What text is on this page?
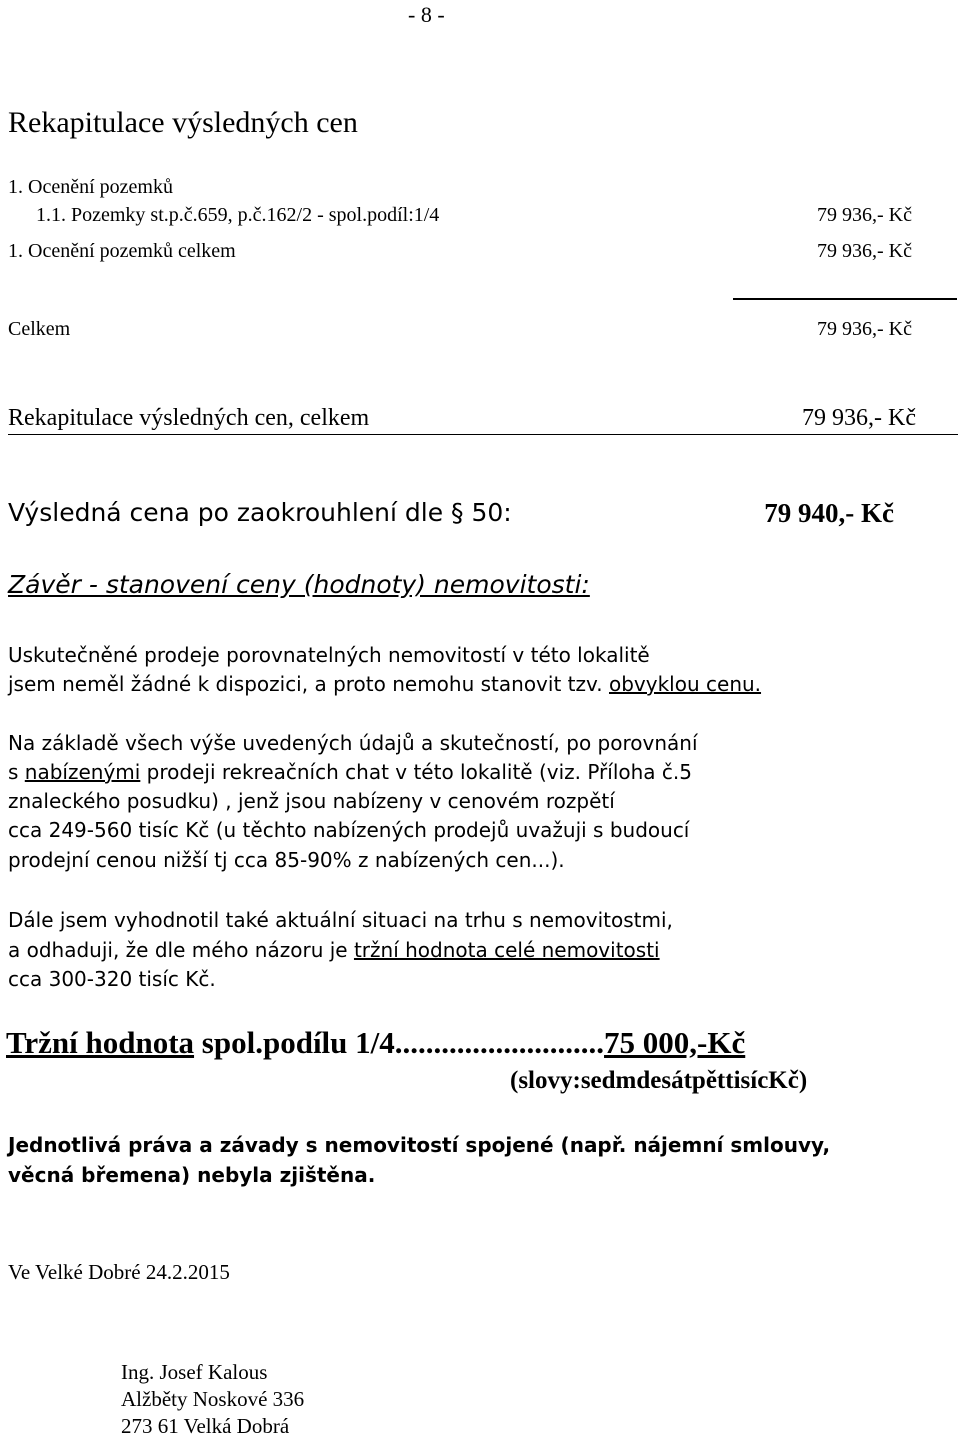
- 8 -
Rekapitulace výsledných cen
1. Ocenění pozemků
1.1. Pozemky st.p.č.659, p.č.162/2 - spol.podíl:1/4	79 936,- Kč
1. Ocenění pozemků celkem	79 936,- Kč
Celkem	79 936,- Kč
Rekapitulace výsledných cen, celkem	79 936,- Kč
Výsledná cena po zaokrouhlení dle § 50:	79 940,- Kč
Závěr - stanovení ceny (hodnoty) nemovitosti:
Uskutečněné prodeje porovnatelných nemovitostí v této lokalitě
jsem neměl žádné k dispozici, a proto nemohu stanovit tzv. obvyklou cenu.
Na základě všech výše uvedených údajů a skutečností, po porovnání
s nabízenými prodeji rekreačních chat v této lokalitě (viz. Příloha č.5
znaleckého posudku) , jenž jsou nabízeny v cenovém rozpětí
cca 249-560 tisíc Kč (u těchto nabízených prodejů uvažuji s budoucí
prodejní cenou nižší tj cca 85-90% z nabízených cen...).
Dále jsem vyhodnotil také aktuální situaci na trhu s nemovitostmi,
a odhaduji, že dle mého názoru je tržní hodnota celé nemovitosti
cca 300-320 tisíc Kč.
Tržní hodnota spol.podílu 1/4...........................75 000,-Kč
(slovy:sedmdesátpěttisícKč)
Jednotlivá práva a závady s nemovitostí spojené (např. nájemní smlouvy,
věcná břemena) nebyla zjištěna.
Ve Velké Dobré 24.2.2015
Ing. Josef Kalous
Alžběty Noskové 336
273 61 Velká Dobrá
